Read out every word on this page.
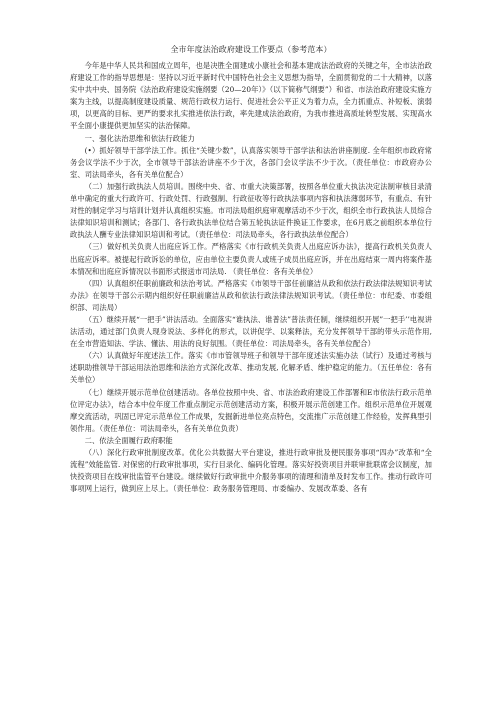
全市年度法治政府建设工作要点（参考范本）

今年是中华人民共和国成立周年，也是决胜全面建成小康社会和基本建成法治政府的关键之年，全市法治政府建设工作的指导思想是：坚持以习近平新时代中国特色社会主义思想为指导，全面贯彻党的二十大精神，以落实中共中央、国务院《法治政府建设实施纲要（20—20年）》（以下简称气纲要”）和省、市法治政府建设实施方案为主线，以提高制度建设质量、规范行政权力运行、促进社会公平正义为着力点，全力抓重点、补短板、演弱项，以更高的目标、更严的要求扎实推进依法行政，率先建成法治政府，为我市推进高质址转型发展、实现高水平全面小康提供更加坚实的法治保障。

一、强化法治思维和依法行政能力

(•）抓好领导干部学法工作。抓住“关键少数”，认真落实领导干部学法和法治讲座制度. 全年组织市政府常务会议学法不少于次，全市领导干部法治讲座不少于次，各部门会议学法不少于次。（责任单位：市政府办公室、司法局牵头，各有关单位配合）

（二）加强行政执法人员培训。围绕中央、省、市重大决策部署，按照各单位重大执法决定法制审核目录清单中确定的重大行政许可、行政处罚、行政强制、行政征收等行政执法事项内容和执法薄弱环节，有重点、有针对性的制定学习与培训计划并认真组织实施。市司法局组织庭审观摩活动不少于次，组织全市行政执法人员综合法律知识培训和测试；各部门、各行政执法单位结合第五轮执法证件换证工作要求，在6月底之前组织本单位行政执法人酬专业法律知识培训和考试。（责任单位：司法局牵头，各行政执法单位配合）

（三）做好机关负责人出庭应诉工作。严格落实《市行政机关负责人出庭应诉办法》，提高行政机关负责人出庭应诉率。被提起行政诉讼的单位，应由单位主要负责人或班子成员出庭应诉，并在出庭结束一周内将案件基本情况和出庭应诉情况以书面形式报送市司法局. （责任单位：各有关单位）

（四）认真组织任职前廉政和法治考试。严格落实《市领导干部任前廉洁从政和依法行政法律法规知识考试办法》在领导干部公示期内组织好任职前廉洁从政和依法行政法律法规知识考试。（责任单位：市纪委、市委组织部、司法局）

（五）继续开展“一把手”讲法活动。全面落实“谁执法、谁普法”普法责任制，继续组织开展”一把手’’电视讲法活动，通过部门负责人现身说法、多样化的形式，以讲促学、以案释法，充分发挥领导干部的带头示范作用, 在全市营造知法、学法、懂法、用法的良好氛围。（责任单位：司法局牵头，各有关单位配合）

（六）认真做好年度述法工作。落实《市市管领导班子和领导干部年度述法实施办法（试行）及通过考核与述职助推领导干部运用法治思维和法治方式深化改革、推动发展, 化解矛盾、维护稳定的能力。（五任单位：各有关单位）

（七）继续开展示范单位创建活动。各单位按照中央、省、市法治政府建设工作部署和E市依法行政示范单位评定办法》，结合本中位年度工作重点制定示范创建活动方案，积极开展示范创建工作。组织示范单位开展观摩交流活动，巩固已评定示范单位工作成果，发掘新进单位亮点特色，交流推广示范创建工作经验，发挥典型引领作用。（责任单位：司法局牵头，各有关单位负责）

二、依法全面履行政府职能

（八）深化行政审批制度改革。优化公共数据大平台建设，推进行政审批及便民服务事项“四办”改革和“全流程”效能监管. 对保密的行政审批事项，实行目录化、编码化管理。落实好投资项目并联审批联席会议制度，加快投资项目在线审批监管平台建设。继续做好行政审批中介服务事项的清理和清单及时发布工作。推动行政许可事项网上运行，做到应上尽上。（责任单位：政务服务管理局、市委编办、发展改革委、各有
